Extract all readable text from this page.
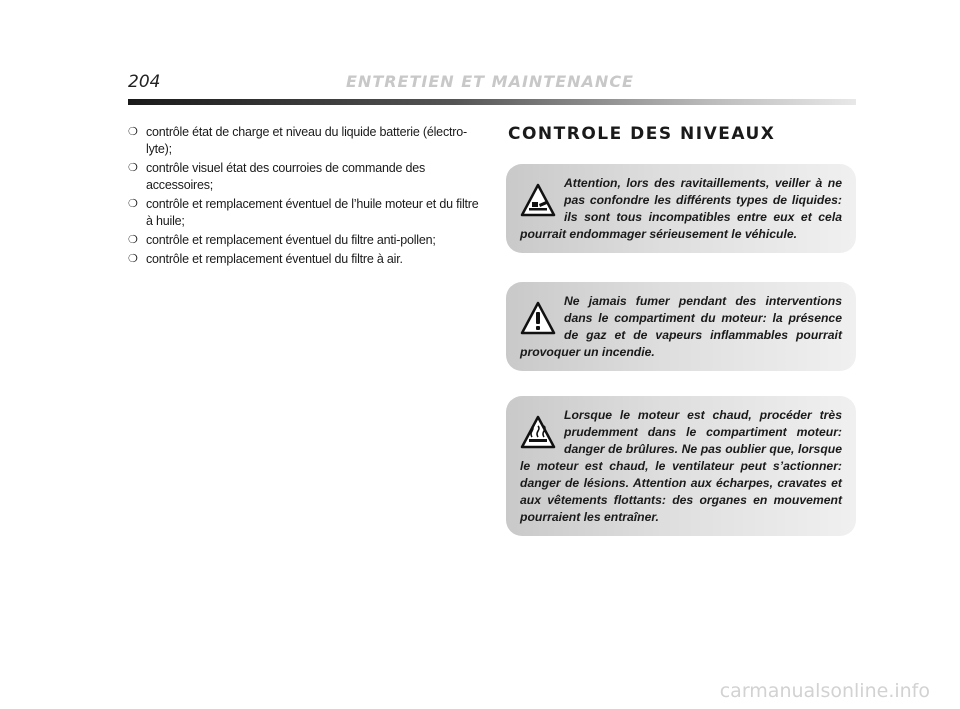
204	ENTRETIEN ET MAINTENANCE
❍ contrôle état de charge et niveau du liquide batterie (électrolyte);
❍ contrôle visuel état des courroies de commande des accessoires;
❍ contrôle et remplacement éventuel de l’huile moteur et du filtre à huile;
❍ contrôle et remplacement éventuel du filtre anti-pollen;
❍ contrôle et remplacement éventuel du filtre à air.
CONTROLE DES NIVEAUX

Attention, lors des ravitaillements, veiller à ne pas confondre les différents types de liquides: ils sont tous incompatibles entre eux et cela pourrait endommager sérieusement le véhicule.

Ne jamais fumer pendant des interventions dans le compartiment du moteur: la présence de gaz et de vapeurs inflammables pourrait provoquer un incendie.

Lorsque le moteur est chaud, procéder très prudemment dans le compartiment moteur: danger de brûlures. Ne pas oublier que, lorsque le moteur est chaud, le ventilateur peut s’actionner: danger de lésions. Attention aux écharpes, cravates et aux vêtements flottants: des organes en mouvement pourraient les entraîner.

carmanualsonline.info
